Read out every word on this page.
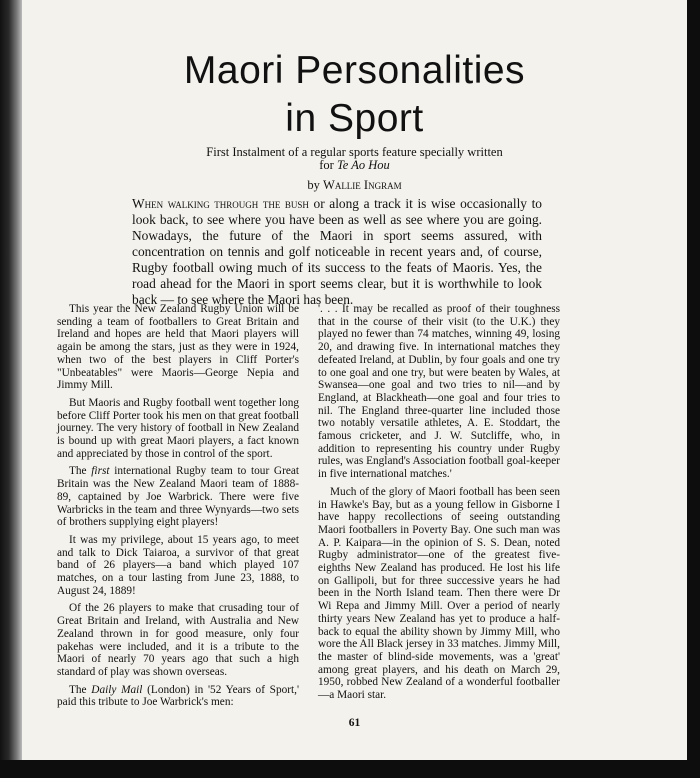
Maori Personalities
in Sport
First Instalment of a regular sports feature specially written
for Te Ao Hou
by Wallie Ingram
When walking through the bush or along a track it is wise occasionally to look back, to see where you have been as well as see where you are going. Nowadays, the future of the Maori in sport seems assured, with concentration on tennis and golf noticeable in recent years and, of course, Rugby football owing much of its success to the feats of Maoris. Yes, the road ahead for the Maori in sport seems clear, but it is worthwhile to look back — to see where the Maori has been.

This year the New Zealand Rugby Union will be sending a team of footballers to Great Britain and Ireland and hopes are held that Maori players will again be among the stars, just as they were in 1924, when two of the best players in Cliff Porter's "Unbeatables" were Maoris—George Nepia and Jimmy Mill.

But Maoris and Rugby football went together long before Cliff Porter took his men on that great football journey. The very history of football in New Zealand is bound up with great Maori players, a fact known and appreciated by those in control of the sport.

The first international Rugby team to tour Great Britain was the New Zealand Maori team of 1888-89, captained by Joe Warbrick. There were five Warbricks in the team and three Wynyards—two sets of brothers supplying eight players!

It was my privilege, about 15 years ago, to meet and talk to Dick Taiaroa, a survivor of that great band of 26 players—a band which played 107 matches, on a tour lasting from June 23, 1888, to August 24, 1889!

Of the 26 players to make that crusading tour of Great Britain and Ireland, with Australia and New Zealand thrown in for good measure, only four pakehas were included, and it is a tribute to the Maori of nearly 70 years ago that such a high standard of play was shown overseas.

The Daily Mail (London) in '52 Years of Sport,' paid this tribute to Joe Warbrick's men:

'. . . It may be recalled as proof of their toughness that in the course of their visit (to the U.K.) they played no fewer than 74 matches, winning 49, losing 20, and drawing five. In international matches they defeated Ireland, at Dublin, by four goals and one try to one goal and one try, but were beaten by Wales, at Swansea—one goal and two tries to nil—and by England, at Blackheath—one goal and four tries to nil. The England three-quarter line included those two notably versatile athletes, A. E. Stoddart, the famous cricketer, and J. W. Sutcliffe, who, in addition to representing his country under Rugby rules, was England's Association football goal-keeper in five international matches.'

Much of the glory of Maori football has been seen in Hawke's Bay, but as a young fellow in Gisborne I have happy recollections of seeing outstanding Maori footballers in Poverty Bay. One such man was A. P. Kaipara—in the opinion of S. S. Dean, noted Rugby administrator—one of the greatest five-eighths New Zealand has produced. He lost his life on Gallipoli, but for three successive years he had been in the North Island team. Then there were Dr Wi Repa and Jimmy Mill. Over a period of nearly thirty years New Zealand has yet to produce a half-back to equal the ability shown by Jimmy Mill, who wore the All Black jersey in 33 matches. Jimmy Mill, the master of blind-side movements, was a 'great' among great players, and his death on March 29, 1950, robbed New Zealand of a wonderful footballer—a Maori star.

61
